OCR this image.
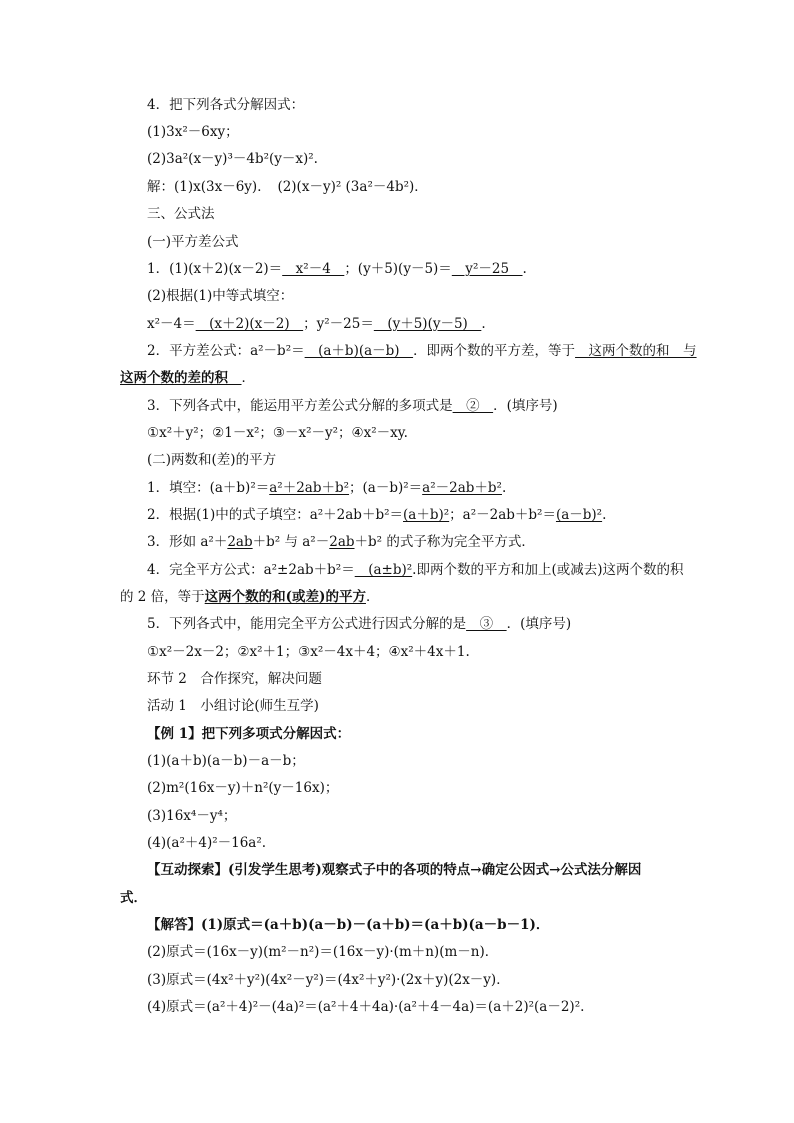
4．把下列各式分解因式：
(1)3x²－6xy；
(2)3a²(x－y)³－4b²(y－x)².
解：(1)x(3x－6y)．　(2)(x－y)² (3a²－4b²)．
三、公式法
(一)平方差公式
1．(1)(x＋2)(x－2)＝　x²－4　；(y＋5)(y－5)＝　y²－25　.
(2)根据(1)中等式填空：
x²－4＝　(x＋2)(x－2)　；y²－25＝　(y＋5)(y－5)　.
2．平方差公式：a²－b²＝　(a＋b)(a－b)　．即两个数的平方差，等于　这两个数的和　与
这两个数的差的积　．
3．下列各式中，能运用平方差公式分解的多项式是　②　．(填序号)
①x²＋y²；②1－x²；③－x²－y²；④x²－xy.
(二)两数和(差)的平方
1．填空：(a＋b)²＝a²＋2ab＋b²；(a－b)²＝a²－2ab＋b².
2．根据(1)中的式子填空：a²＋2ab＋b²＝(a＋b)²；a²－2ab＋b²＝(a－b)².
3．形如 a²＋2ab＋b² 与 a²－2ab＋b² 的式子称为完全平方式．
4．完全平方公式：a²±2ab＋b²＝　(a±b)².即两个数的平方和加上(或减去)这两个数的积
的 2 倍，等于这两个数的和(或差)的平方．
5．下列各式中，能用完全平方公式进行因式分解的是　③　．(填序号)
①x²－2x－2；②x²＋1；③x²－4x＋4；④x²＋4x＋1.
环节 2　合作探究，解决问题
活动 1　小组讨论(师生互学)
【例 1】把下列多项式分解因式：
(1)(a＋b)(a－b)－a－b；
(2)m²(16x－y)＋n²(y－16x)；
(3)16x⁴－y⁴；
(4)(a²＋4)²－16a².
【互动探索】(引发学生思考)观察式子中的各项的特点→确定公因式→公式法分解因
式．
【解答】(1)原式＝(a＋b)(a－b)－(a＋b)＝(a＋b)(a－b－1)．
(2)原式＝(16x－y)(m²－n²)＝(16x－y)·(m＋n)(m－n)．
(3)原式＝(4x²＋y²)(4x²－y²)＝(4x²＋y²)·(2x＋y)(2x－y)．
(4)原式＝(a²＋4)²－(4a)²＝(a²＋4＋4a)·(a²＋4－4a)＝(a＋2)²(a－2)².
